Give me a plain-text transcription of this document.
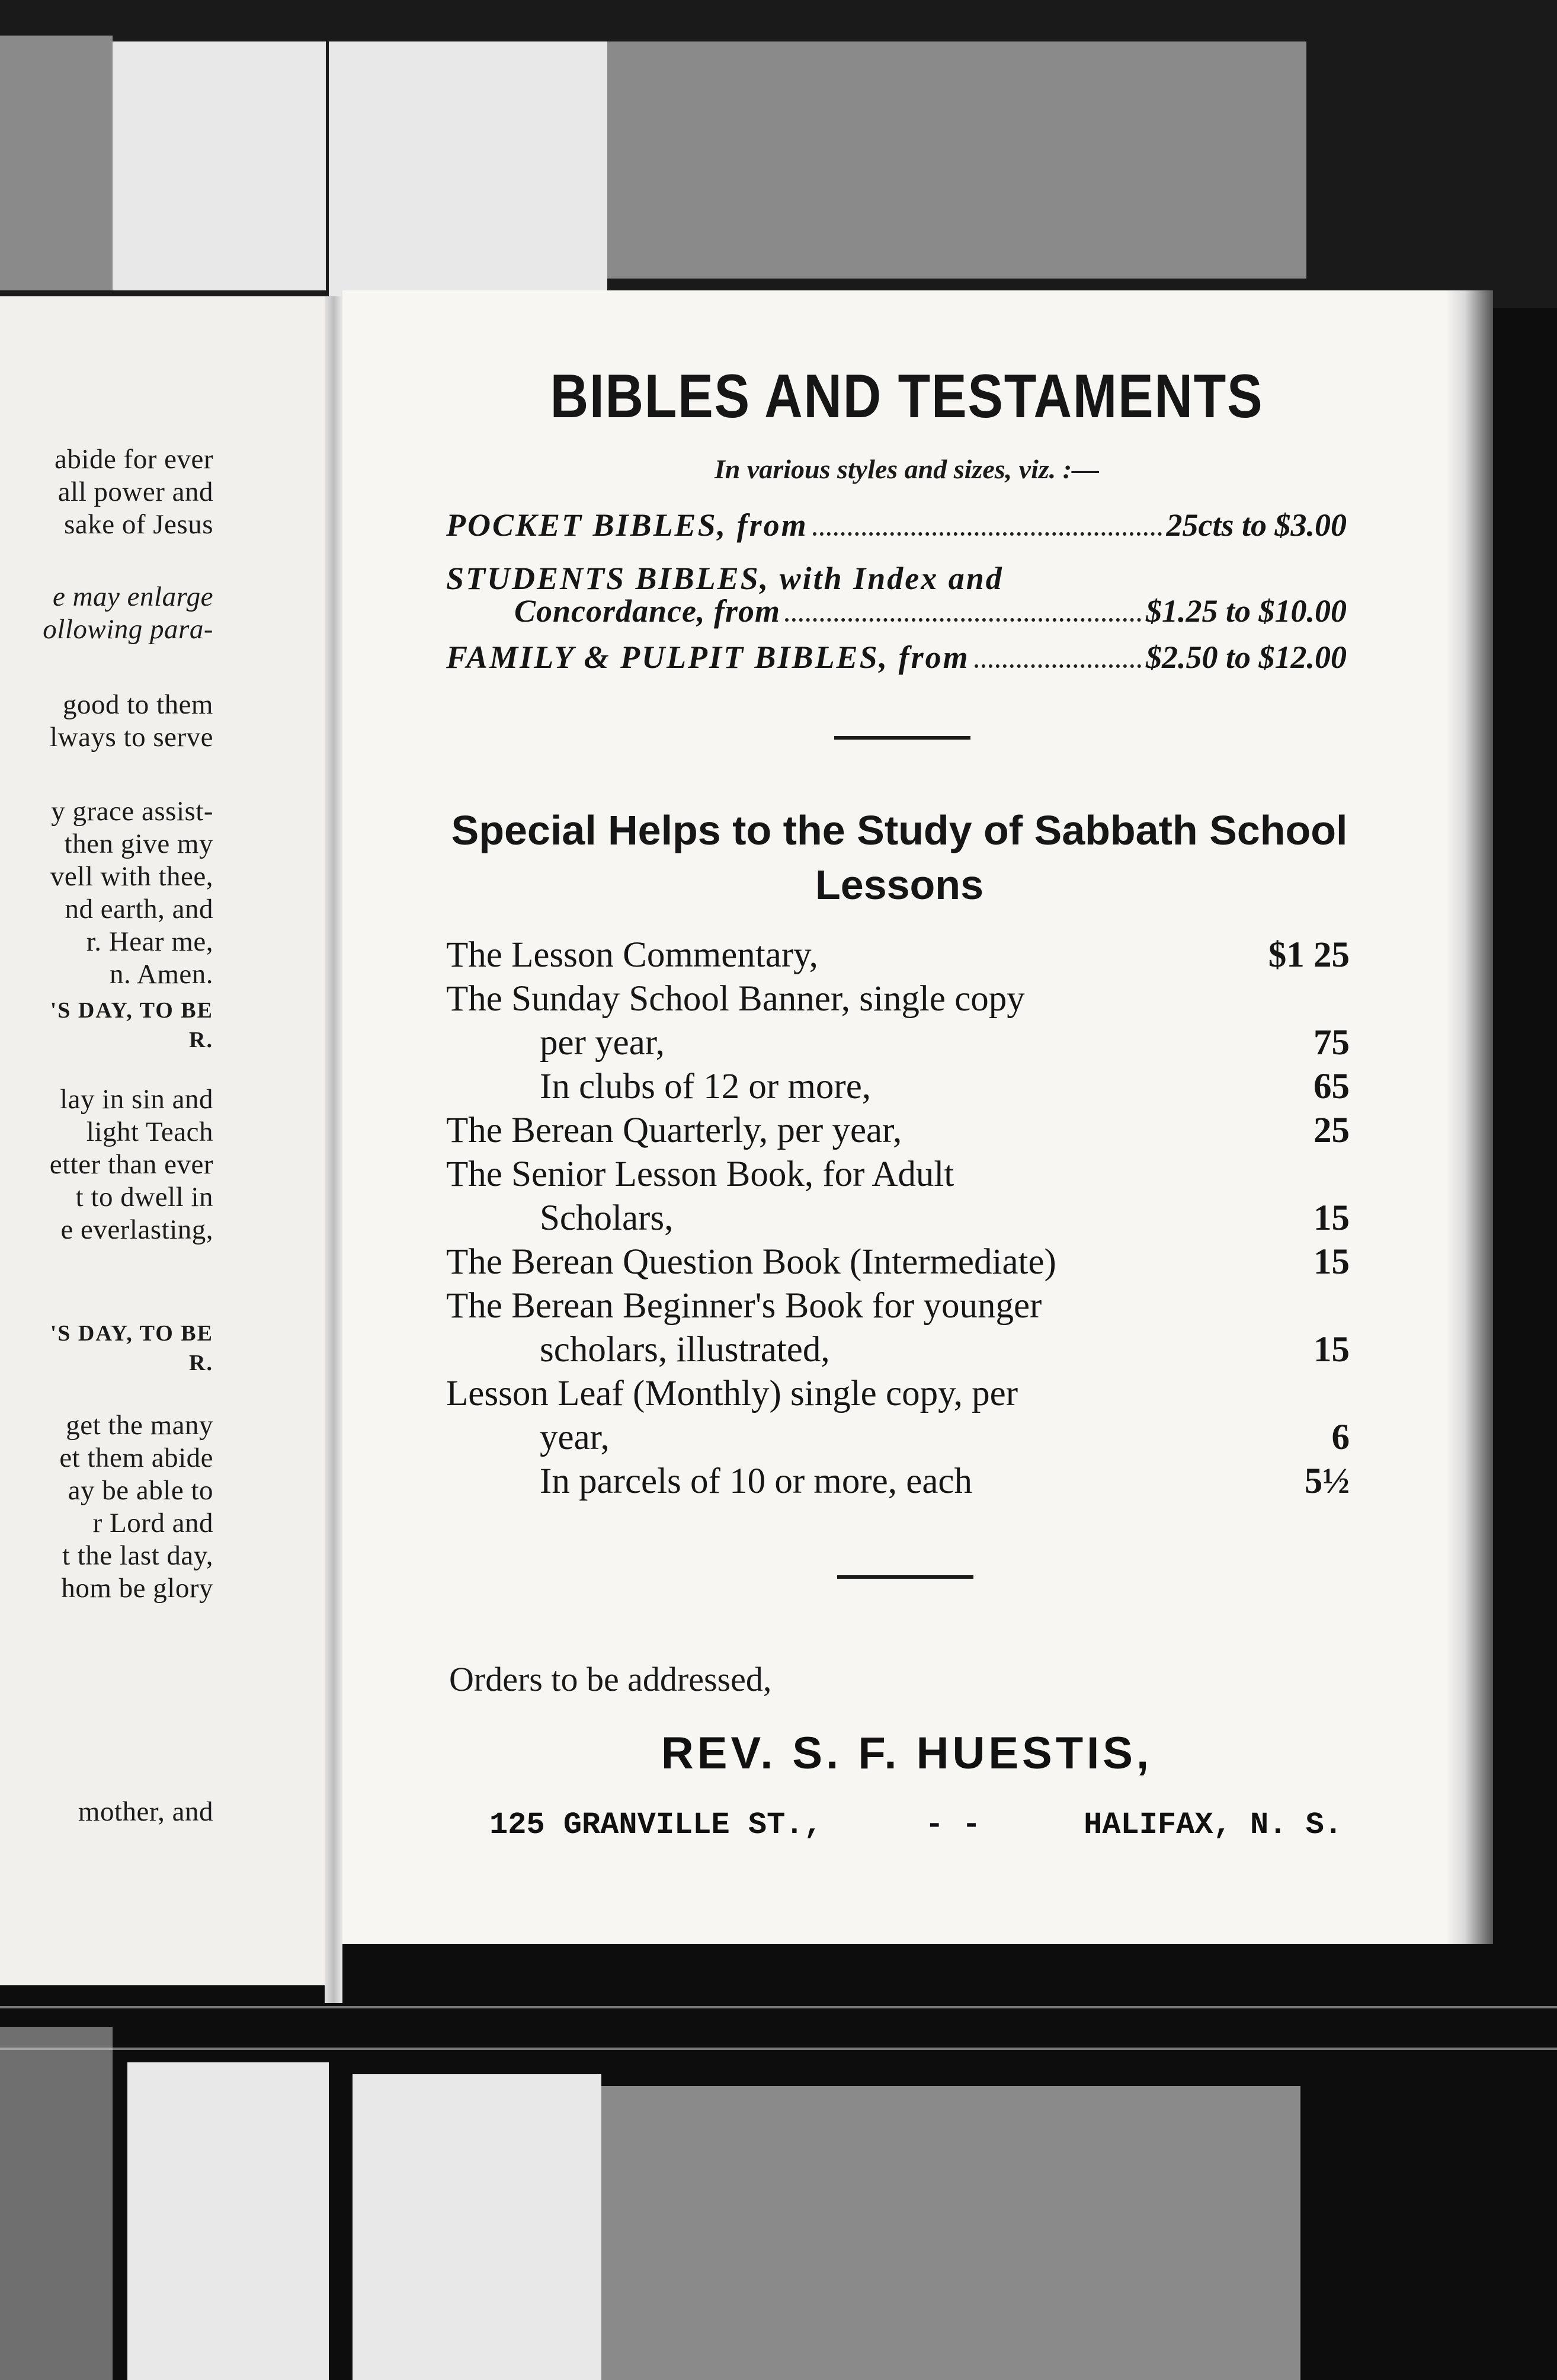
abide for ever
all power and
sake of Jesus
e may enlarge
ollowing para-
good to them
lways to serve
y grace assist-
then give my
vell with thee,
nd earth, and
r. Hear me,
n. Amen.
'S DAY, TO BE
R.
lay in sin and
light Teach
etter than ever
t to dwell in
e everlasting,
'S DAY, TO BE
R.
get the many
et them abide
ay be able to
r Lord and
t the last day,
hom be glory
mother, and
BIBLES AND TESTAMENTS
In various styles and sizes, viz. :—
POCKET BIBLES, from	25cts to $3.00
STUDENTS BIBLES, with Index and
Concordance, from	$1.25 to $10.00
FAMILY & PULPIT BIBLES, from	$2.50 to $12.00
Special Helps to the Study of Sabbath School Lessons
The Lesson Commentary,	$1 25
The Sunday School Banner, single copy
per year,	75
In clubs of 12 or more,	65
The Berean Quarterly, per year,	25
The Senior Lesson Book, for Adult
Scholars,	15
The Berean Question Book (Intermediate)	15
The Berean Beginner's Book for younger
scholars, illustrated,	15
Lesson Leaf (Monthly) single copy, per
year,	6
In parcels of 10 or more, each	5½
Orders to be addressed,
REV. S. F. HUESTIS,
125 GRANVILLE ST.,	- -	HALIFAX, N. S.
